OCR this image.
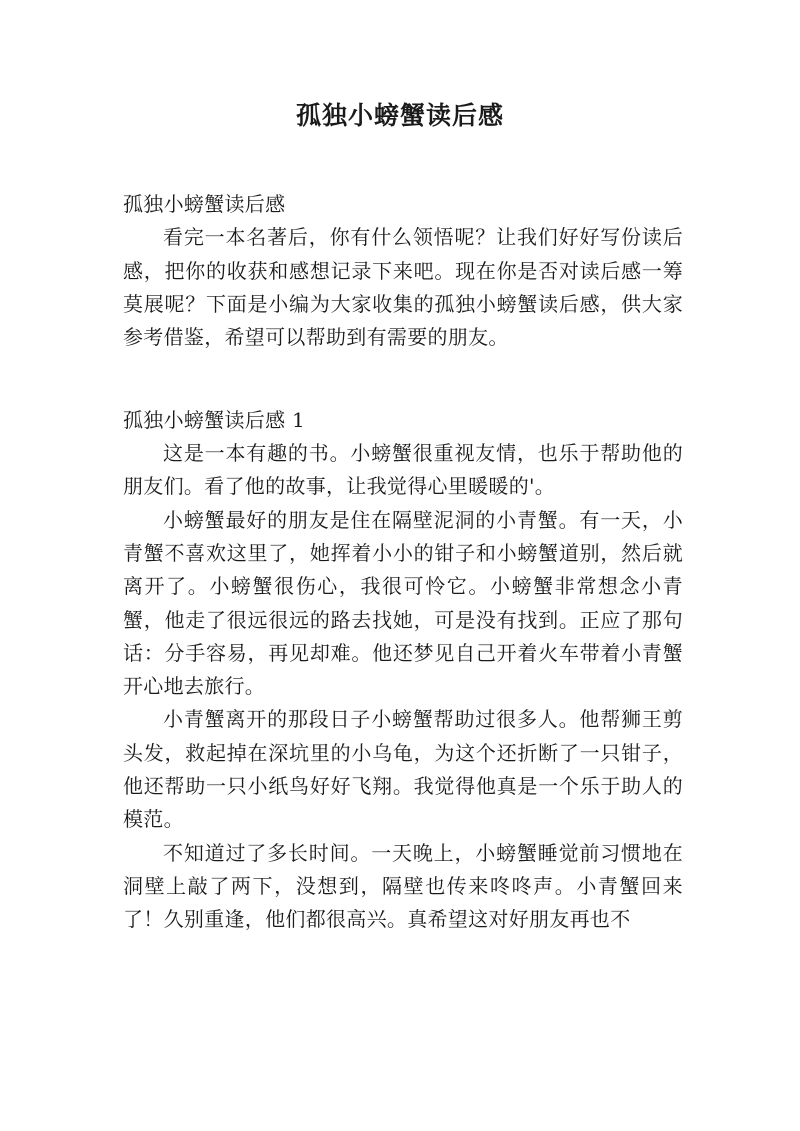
孤独小螃蟹读后感

孤独小螃蟹读后感

看完一本名著后，你有什么领悟呢？让我们好好写份读后感，把你的收获和感想记录下来吧。现在你是否对读后感一筹莫展呢？下面是小编为大家收集的孤独小螃蟹读后感，供大家参考借鉴，希望可以帮助到有需要的朋友。

孤独小螃蟹读后感 1

这是一本有趣的书。小螃蟹很重视友情，也乐于帮助他的朋友们。看了他的故事，让我觉得心里暖暖的'。

小螃蟹最好的朋友是住在隔壁泥洞的小青蟹。有一天，小青蟹不喜欢这里了，她挥着小小的钳子和小螃蟹道别，然后就离开了。小螃蟹很伤心，我很可怜它。小螃蟹非常想念小青蟹，他走了很远很远的路去找她，可是没有找到。正应了那句话：分手容易，再见却难。他还梦见自己开着火车带着小青蟹开心地去旅行。

小青蟹离开的那段日子小螃蟹帮助过很多人。他帮狮王剪头发，救起掉在深坑里的小乌龟，为这个还折断了一只钳子，他还帮助一只小纸鸟好好飞翔。我觉得他真是一个乐于助人的模范。

不知道过了多长时间。一天晚上，小螃蟹睡觉前习惯地在洞壁上敲了两下，没想到，隔壁也传来咚咚声。小青蟹回来了！久别重逢，他们都很高兴。真希望这对好朋友再也不
